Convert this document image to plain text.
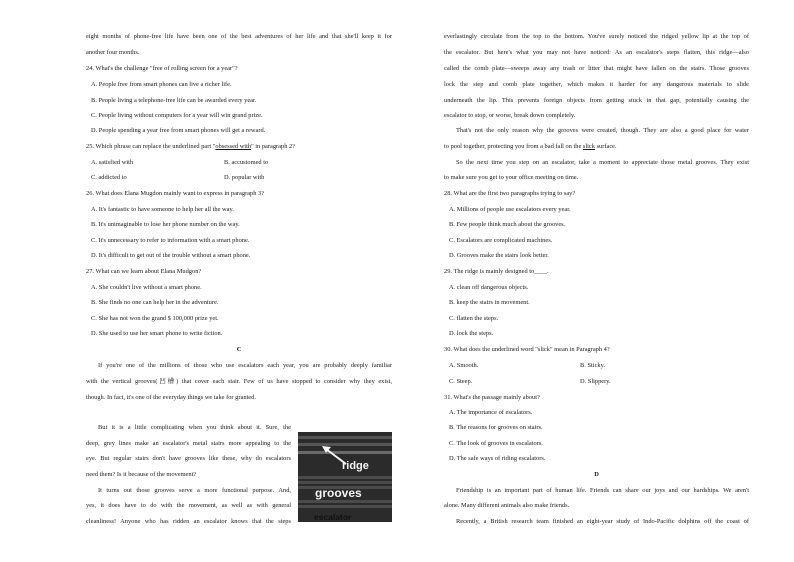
eight months of phone-free life have been one of the best adventures of her life and that she'll keep it for
another four months.
24. What's the challenge "free of rolling screen for a year"?
A. People free from smart phones can live a richer life.
B. People living a telephone-free life can be awarded every year.
C. People living without computers for a year will win grand prize.
D. People spending a year free from smart phones will get a reward.
25. Which phrase can replace the underlined part "obsessed with" in paragraph 2?
A. satisfied with	B. accustomed to
C. addicted to	D. popular with
26. What does Elana Mugdon mainly want to express in paragraph 3?
A. It's fantastic to have someone to help her all the way.
B. It's unimaginable to lose her phone number on the way.
C. It's unnecessary to refer to information with a smart phone.
D. It's difficult to get out of the trouble without a smart phone.
27. What can we learn about Elana Mudgon?
A. She couldn't live without a smart phone.
B. She finds no one can help her in the adventure.
C. She has not won the grand $ 100,000 prize yet.
D. She used to use her smart phone to write fiction.
C
If you're one of the millions of those who use escalators each year, you are probably deeply familiar
with the vertical grooves(凹槽) that cover each stair. Few of us have stopped to consider why they exist,
though. In fact, it's one of the everyday things we take for granted.
But it is a little complicating when you think about it. Sure, the
deep, grey lines make an escalator's metal stairs more appealing to the
eye. But regular stairs don't have grooves like these, why do escalators
need them? Is it because of the movement?
It turns out those grooves serve a more functional purpose. And,
yes, it does have to do with the movement, as well as with general
cleanliness! Anyone who has ridden an escalator knows that the steps
ridge
grooves
escalator
everlastingly circulate from the top to the bottom. You've surely noticed the ridged yellow lip at the top of
the escalator. But here's what you may not have noticed: As an escalator's steps flatten, this ridge—also
called the comb plate—sweeps away any trash or litter that might have fallen on the stairs. Those grooves
lock the step and comb plate together, which makes it harder for any dangerous materials to slide
underneath the lip. This prevents foreign objects from getting stuck in that gap, potentially causing the
escalator to stop, or worse, break down completely.
That's not the only reason why the grooves were created, though. They are also a good place for water
to pool together, protecting you from a bad fall on the slick surface.
So the next time you step on an escalator, take a moment to appreciate those metal grooves. They exist
to make sure you get to your office meeting on time.
28. What are the first two paragraphs trying to say?
A. Millions of people use escalators every year.
B. Few people think much about the grooves.
C. Escalators are complicated machines.
D. Grooves make the stairs look better.
29. The ridge is mainly designed to____.
A. clean off dangerous objects.
B. keep the stairs in movement.
C. flatten the steps.
D. lock the steps.
30. What does the underlined word "slick" mean in Paragraph 4?
A. Smooth.	B. Sticky.
C. Steep.	D. Slippery.
31. What's the passage mainly about?
A. The importance of escalators.
B. The reasons for grooves on stairs.
C. The look of grooves in escalators.
D. The safe ways of riding escalators.
D
Friendship is an important part of human life. Friends can share our joys and our hardships. We aren't
alone. Many different animals also make friends.
Recently, a British research team finished an eight-year study of Indo-Pacific dolphins off the coast of
